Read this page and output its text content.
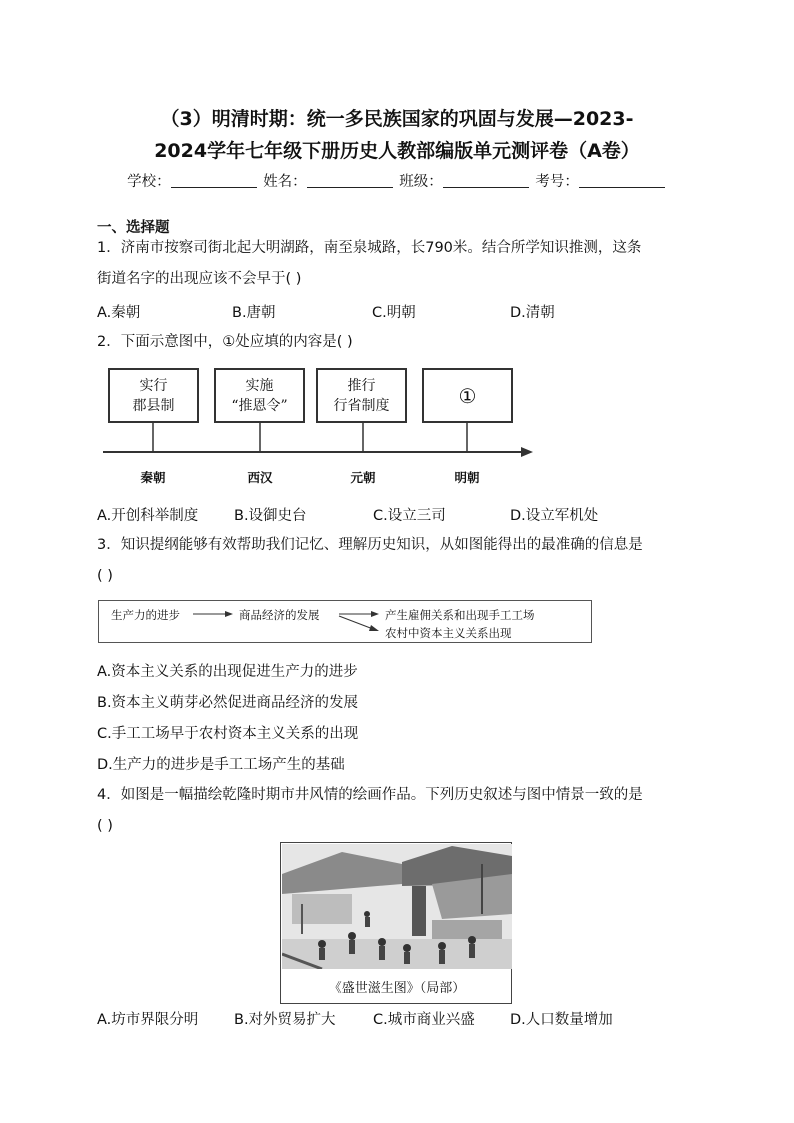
（3）明清时期：统一多民族国家的巩固与发展—2023-
2024学年七年级下册历史人教部编版单元测评卷（A卷）
学校：	姓名：	班级：	考号：
一、选择题
1．济南市按察司街北起大明湖路，南至泉城路，长790米。结合所学知识推测，这条
街道名字的出现应该不会早于( )
A.秦朝	B.唐朝	C.明朝	D.清朝
2．下面示意图中，①处应填的内容是( )
实行
郡县制
实施
“推恩令”
推行
行省制度	①
秦朝	西汉	元朝	明朝
A.开创科举制度 B.设御史台	C.设立三司	D.设立军机处
3．知识提纲能够有效帮助我们记忆、理解历史知识，从如图能得出的最准确的信息是
( )
生产力的进步	商品经济的发展	产生雇佣关系和出现手工工场
农村中资本主义关系出现
A.资本主义关系的出现促进生产力的进步
B.资本主义萌芽必然促进商品经济的发展
C.手工工场早于农村资本主义关系的出现
D.生产力的进步是手工工场产生的基础
4．如图是一幅描绘乾隆时期市井风情的绘画作品。下列历史叙述与图中情景一致的是
( )
《盛世滋生图》（局部）
A.坊市界限分明 B.对外贸易扩大	C.城市商业兴盛 D.人口数量增加
